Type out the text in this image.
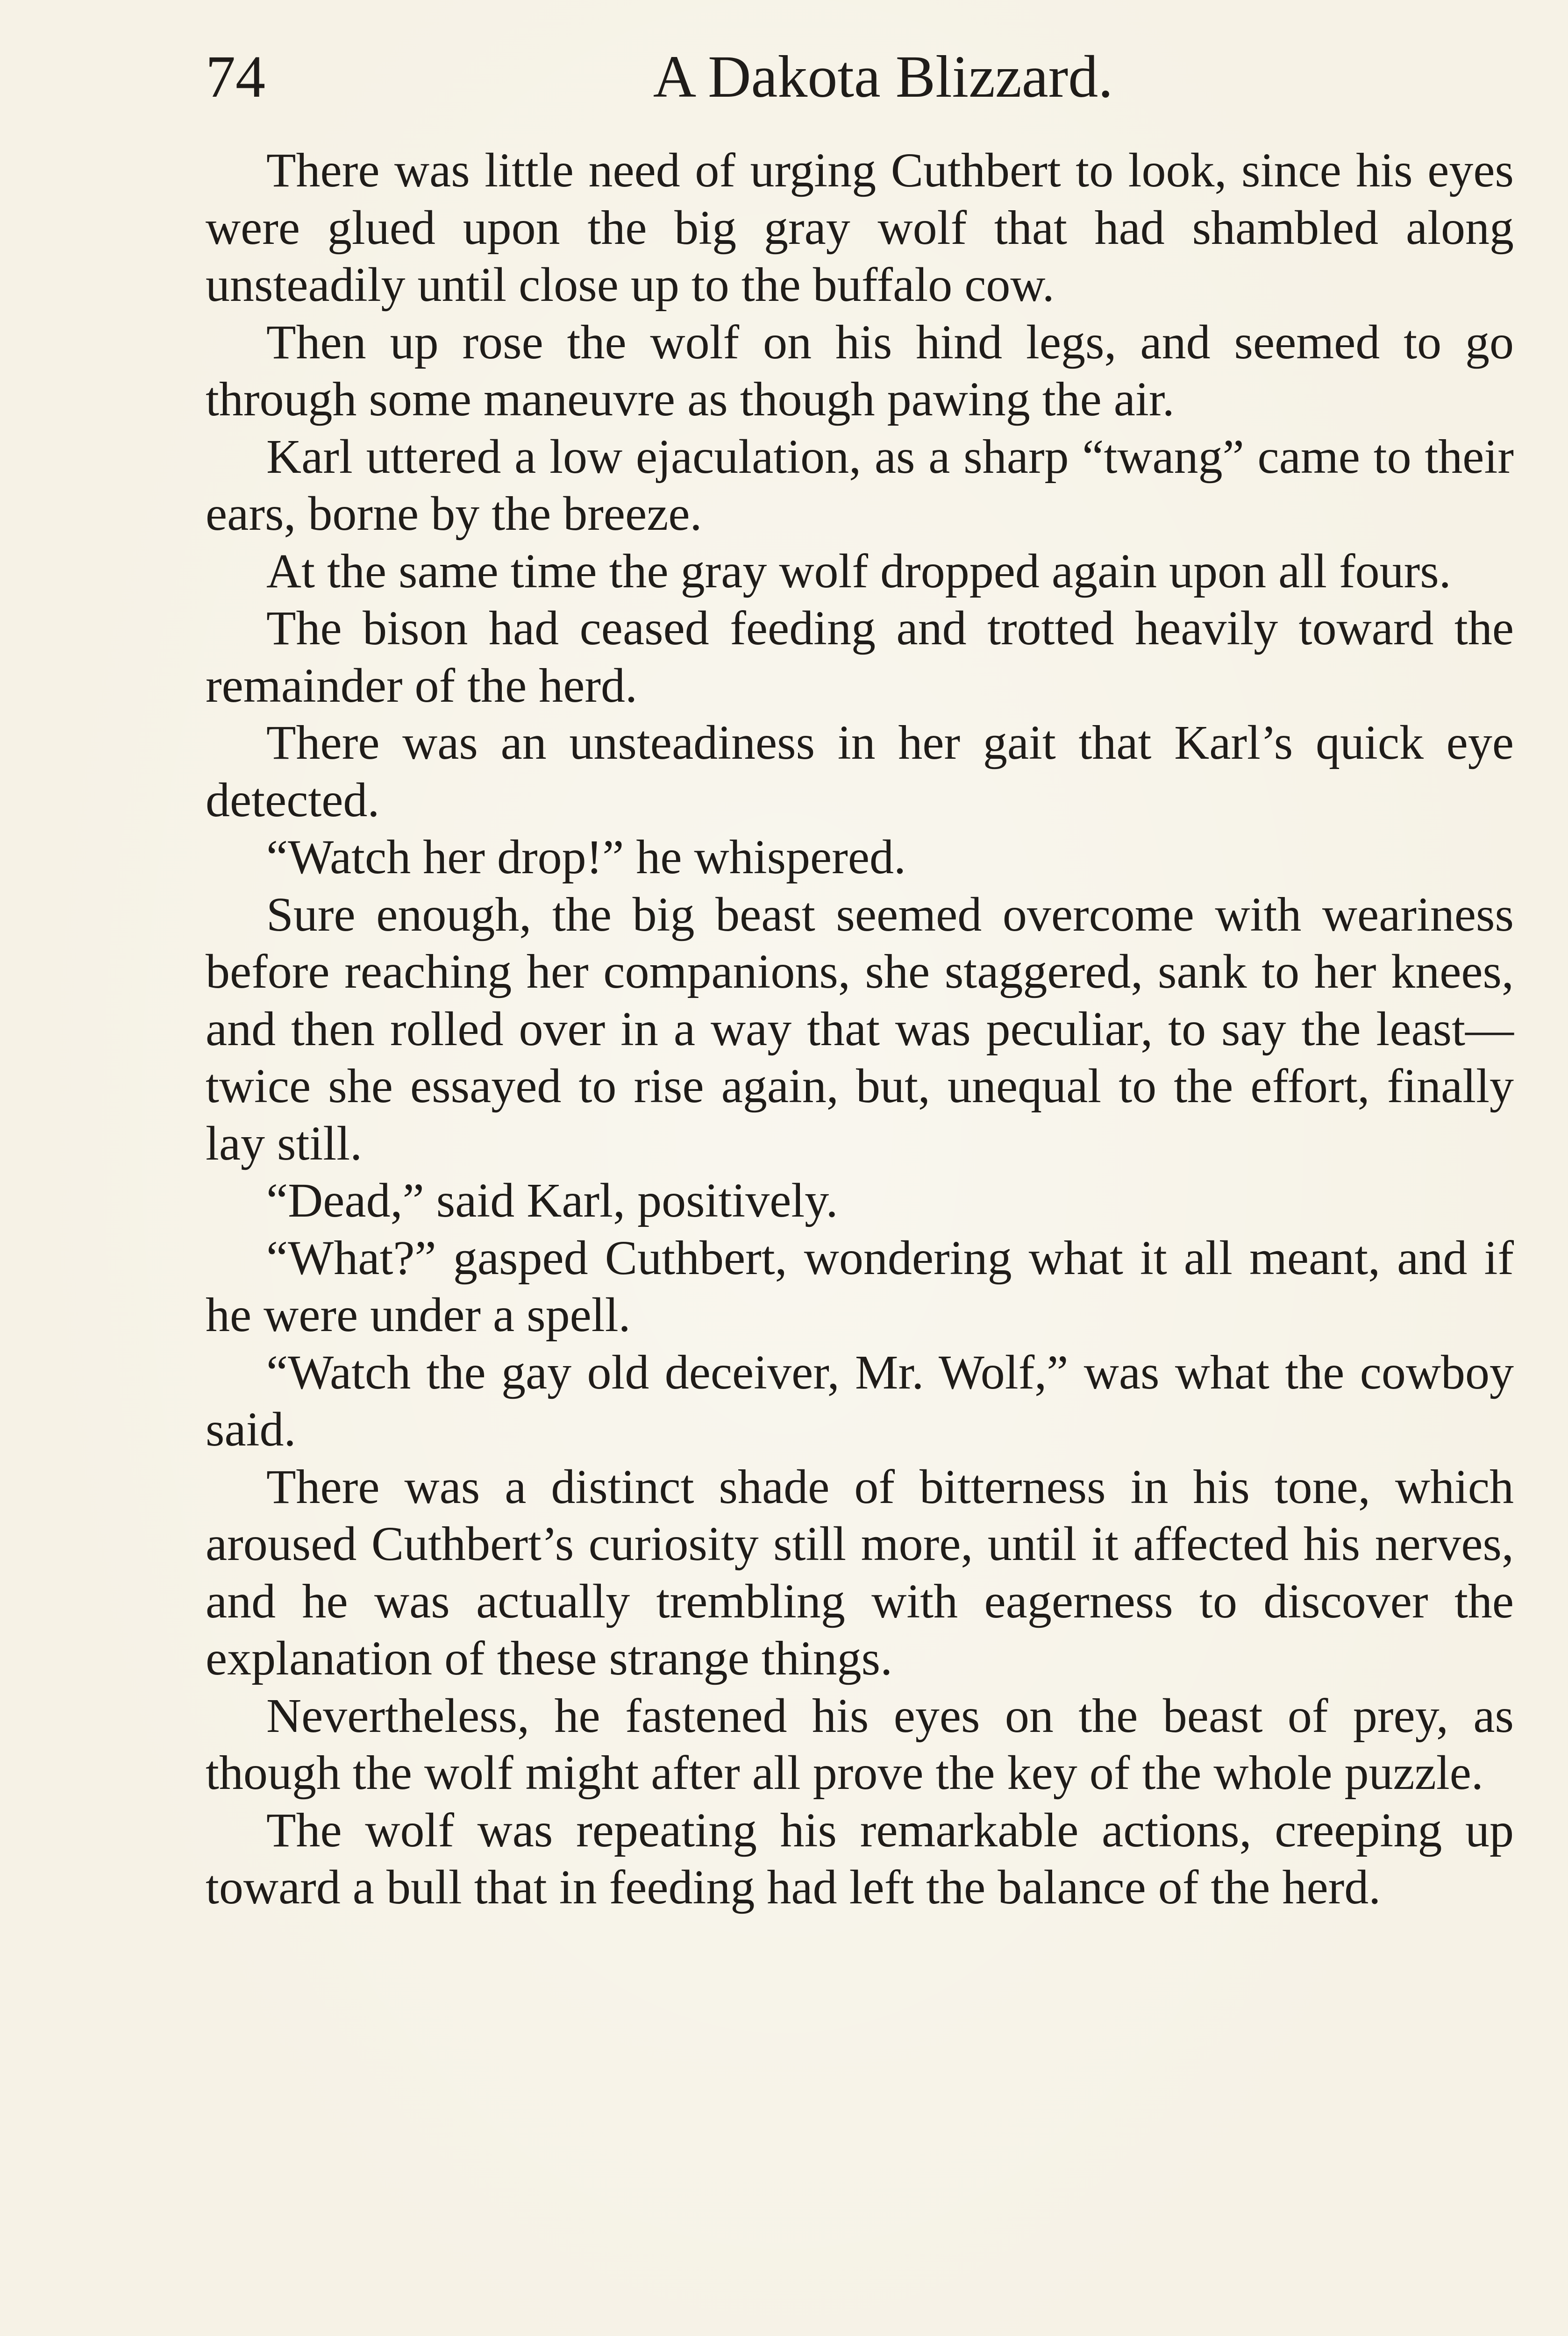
74	A Dakota Blizzard.

There was little need of urging Cuthbert to look, since his eyes were glued upon the big gray wolf that had shambled along unsteadily until close up to the buffalo cow.

Then up rose the wolf on his hind legs, and seemed to go through some maneuvre as though pawing the air.

Karl uttered a low ejaculation, as a sharp “twang” came to their ears, borne by the breeze.

At the same time the gray wolf dropped again upon all fours.

The bison had ceased feeding and trotted heavily toward the remainder of the herd.

There was an unsteadiness in her gait that Karl’s quick eye detected.

“Watch her drop!” he whispered.

Sure enough, the big beast seemed overcome with weariness before reaching her companions, she staggered, sank to her knees, and then rolled over in a way that was peculiar, to say the least—twice she essayed to rise again, but, unequal to the effort, finally lay still.

“Dead,” said Karl, positively.

“What?” gasped Cuthbert, wondering what it all meant, and if he were under a spell.

“Watch the gay old deceiver, Mr. Wolf,” was what the cowboy said.

There was a distinct shade of bitterness in his tone, which aroused Cuthbert’s curiosity still more, until it affected his nerves, and he was actually trembling with eagerness to discover the explanation of these strange things.

Nevertheless, he fastened his eyes on the beast of prey, as though the wolf might after all prove the key of the whole puzzle.

The wolf was repeating his remarkable actions, creeping up toward a bull that in feeding had left the balance of the herd.
